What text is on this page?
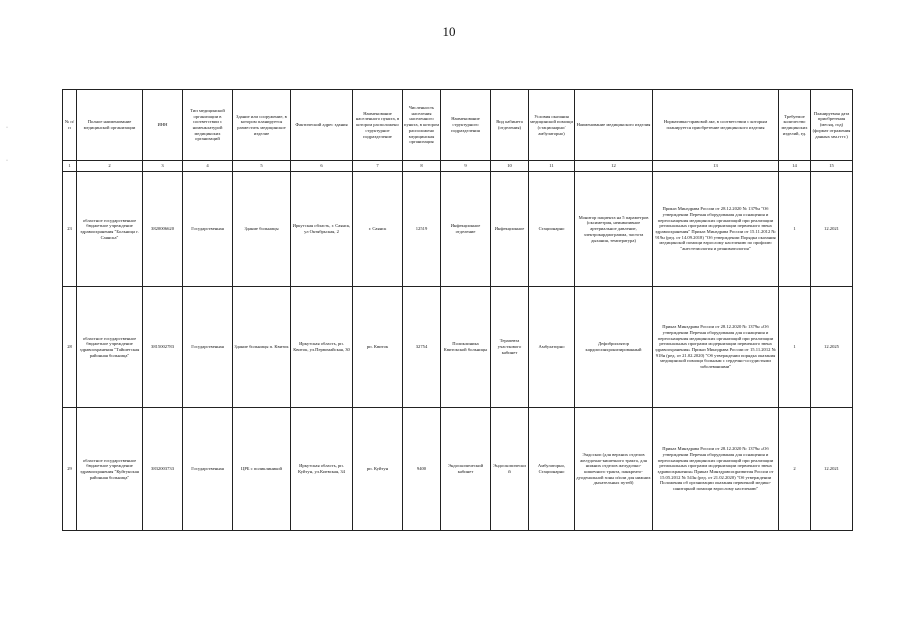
10
·
·
№ п/п	Полное наименование медицинской организации	ИНН	Тип медицинской организации в соответствии с номенклатурой медицинских организаций	Здание или сооружение, в котором планируется разместить медицинское изделие	Фактический адрес здания	Наименование населенного пункта, в котором расположено структурное подразделение	Численность населения населенного пункта, в котором расположено медицинская организация	Наименование структурного подразделения	Вид кабинета (отделения)	Условия оказания медицинской помощи (стационарно/амбулаторно)	Наименование медицинского изделия	Нормативно-правовой акт, в соответствии с которым планируется приобретение медицинского изделия	Требуемое количество медицинских изделий, ед.	Планируемая дата приобретения (месяц, год) (формат отражения данных мм.гггг.)
1	2	3	4	5	6	7	8	9	10	11	12	13	14	15
23	областное государственное бюджетное учреждение здравоохранения "Больница г. Саянска"	3820006620	Государственная	Здание больницы	Иркутская область, г. Саянск, ул Октябрьская, 2	г. Саянск	12519	Инфекционное отделение	Инфекционное	Стационарно	Монитор пациента на 5 параметров (оксиметрия, неинвазивное артериальное давление, электрокардиограмма, частота дыхания, температура)	Приказ Минздрава России от 28.12.2020 № 1379н "Об утверждении Перечня оборудования для оснащения и переоснащения медицинских организаций при реализации региональных программ модернизации первичного звена здравоохранения" Приказ Минздрава России от 15.11.2012 № 919н (ред. от 14.09.2018) "Об утверждении Порядка оказания медицинской помощи взрослому населению по профилю "анестезиология и реаниматология"	1	12.2021
28	областное государственное бюджетное учреждение здравоохранения "Тайшетская районная больница"	3815002783	Государственная	Здание больницы п. Квиток	Иркутская область, рп. Квиток, ул.Первомайская, 30	рп. Квиток	32754	Поликлиника Квитокской больницы	Терапевта участкового кабинет	Амбулаторно	Дефибриллятор кардиосинхронизированный	Приказ Минздрава России от 28.12.2020 № 1379н «Об утверждении Перечня оборудования для оснащения и переоснащения медицинских организаций при реализации региональных программ модернизации первичного звена здравоохранения» Приказ Минздрава России от 15.11.2012 № 918н (ред. от 21.02.2020) "Об утверждении порядка оказания медицинской помощи больным с сердечно-сосудистыми заболеваниями"	1	12.2025
29	областное государственное бюджетное учреждение здравоохранения "Куйтунская районная больница"	3832003733	Государственная	ЦРБ с поликлиникой	Иркутская область, рп. Куйтун, ул.Киевская, 34	рп. Куйтун	9400	Эндоскопический кабинет	Эндоскопический	Амбулаторно, Стационарно	Эндоскоп (для верхних отделов желудочно-кишечного тракта, для нижних отделов желудочно-кишечного тракта, панкреато-дуоденальной зоны и/или для нижних дыхательных путей)	Приказ Минздрава России от 28.12.2020 № 1379н «Об утверждении Перечня оборудования для оснащения и переоснащения медицинских организаций при реализации региональных программ модернизации первичного звена здравоохранения» Приказ Минздравсоцразвития России от 15.05.2012 № 543н (ред. от 21.02.2020) "Об утверждении Положения об организации оказания первичной медико-санитарной помощи взрослому населению"	2	12.2021
